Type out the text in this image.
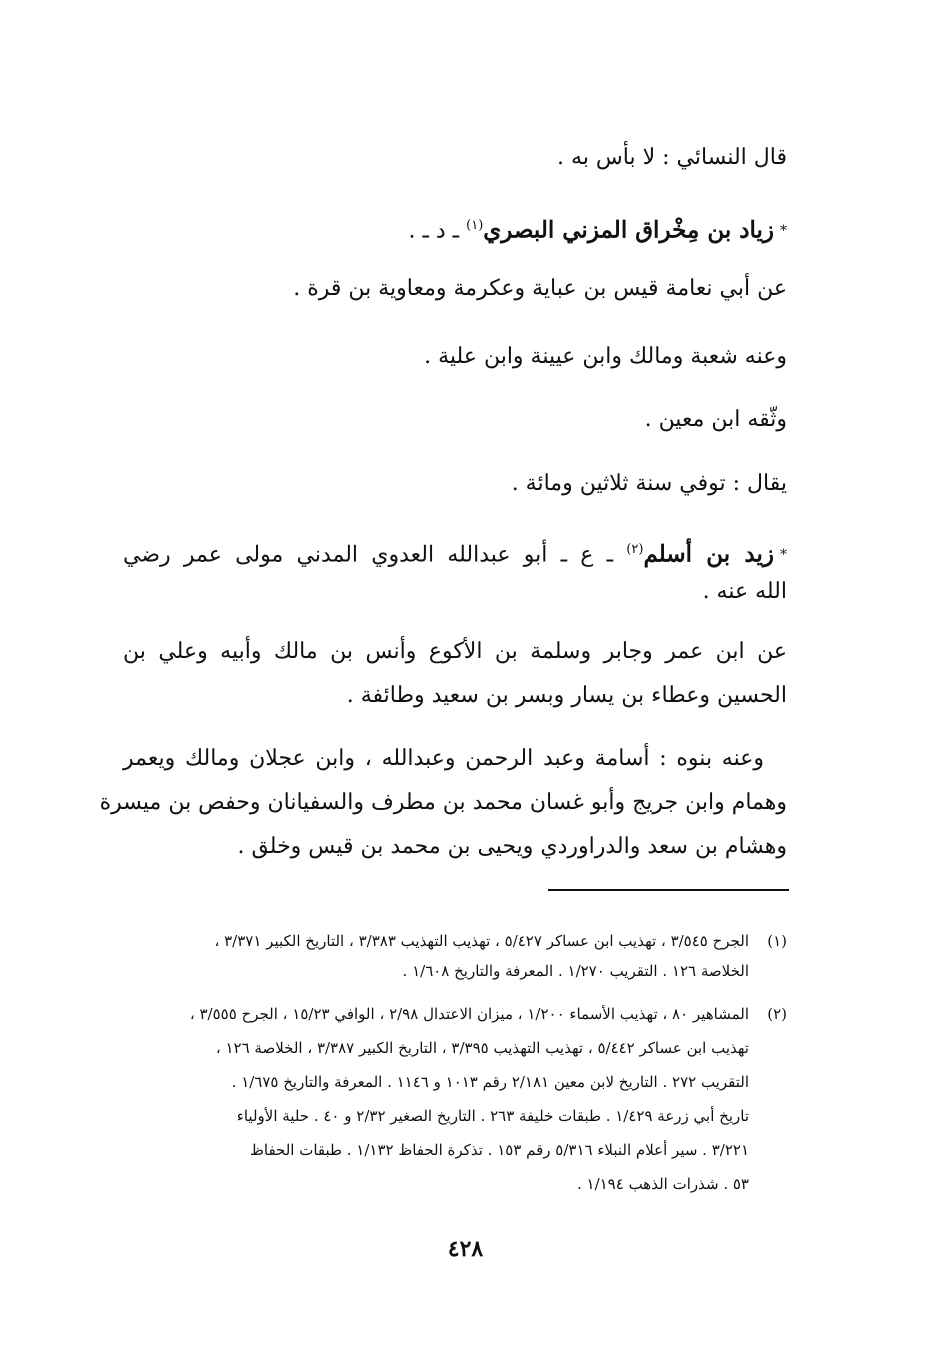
قال النسائي : لا بأس به .
*زياد بن مِخْراق المزني البصري$^{(١)}$ ـ د ـ .
عن أبي نعامة قيس بن عباية وعكرمة ومعاوية بن قرة .
وعنه شعبة ومالك وابن عيينة وابن علية .
وثّقه ابن معين .
يقال : توفي سنة ثلاثين ومائة .
*زيد بن أسلم$^{(٢)}$ ـ ع ـ أبو عبدالله العدوي المدني مولى عمر رضي
الله عنه .
عن ابن عمر وجابر وسلمة بن الأكوع وأنس بن مالك وأبيه وعلي بن
الحسين وعطاء بن يسار وبسر بن سعيد وطائفة .
وعنه بنوه : أسامة وعبد الرحمن وعبدالله ، وابن عجلان ومالك ويعمر
وهمام وابن جريج وأبو غسان محمد بن مطرف والسفيانان وحفص بن ميسرة
وهشام بن سعد والدراوردي ويحيى بن محمد بن قيس وخلق .
(١)
الجرح ٣/٥٤٥ ، تهذيب ابن عساكر ٥/٤٢٧ ، تهذيب التهذيب ٣/٣٨٣ ، التاريخ الكبير ٣/٣٧١ ،
الخلاصة ١٢٦ . التقريب ١/٢٧٠ . المعرفة والتاريخ ١/٦٠٨ .
(٢)
المشاهير ٨٠ ، تهذيب الأسماء ١/٢٠٠ ، ميزان الاعتدال ٢/٩٨ ، الوافي ١٥/٢٣ ، الجرح ٣/٥٥٥ ،
تهذيب ابن عساكر ٥/٤٤٢ ، تهذيب التهذيب ٣/٣٩٥ ، التاريخ الكبير ٣/٣٨٧ ، الخلاصة ١٢٦ ،
التقريب ٢٧٢ . التاريخ لابن معين ٢/١٨١ رقم ١٠١٣ و ١١٤٦ . المعرفة والتاريخ ١/٦٧٥ .
تاريخ أبي زرعة ١/٤٢٩ . طبقات خليفة ٢٦٣ . التاريخ الصغير ٢/٣٢ و ٤٠ . حلية الأولياء
٣/٢٢١ . سير أعلام النبلاء ٥/٣١٦ رقم ١٥٣ . تذكرة الحفاظ ١/١٣٢ . طبقات الحفاظ
٥٣ . شذرات الذهب ١/١٩٤ .
٤٢٨
